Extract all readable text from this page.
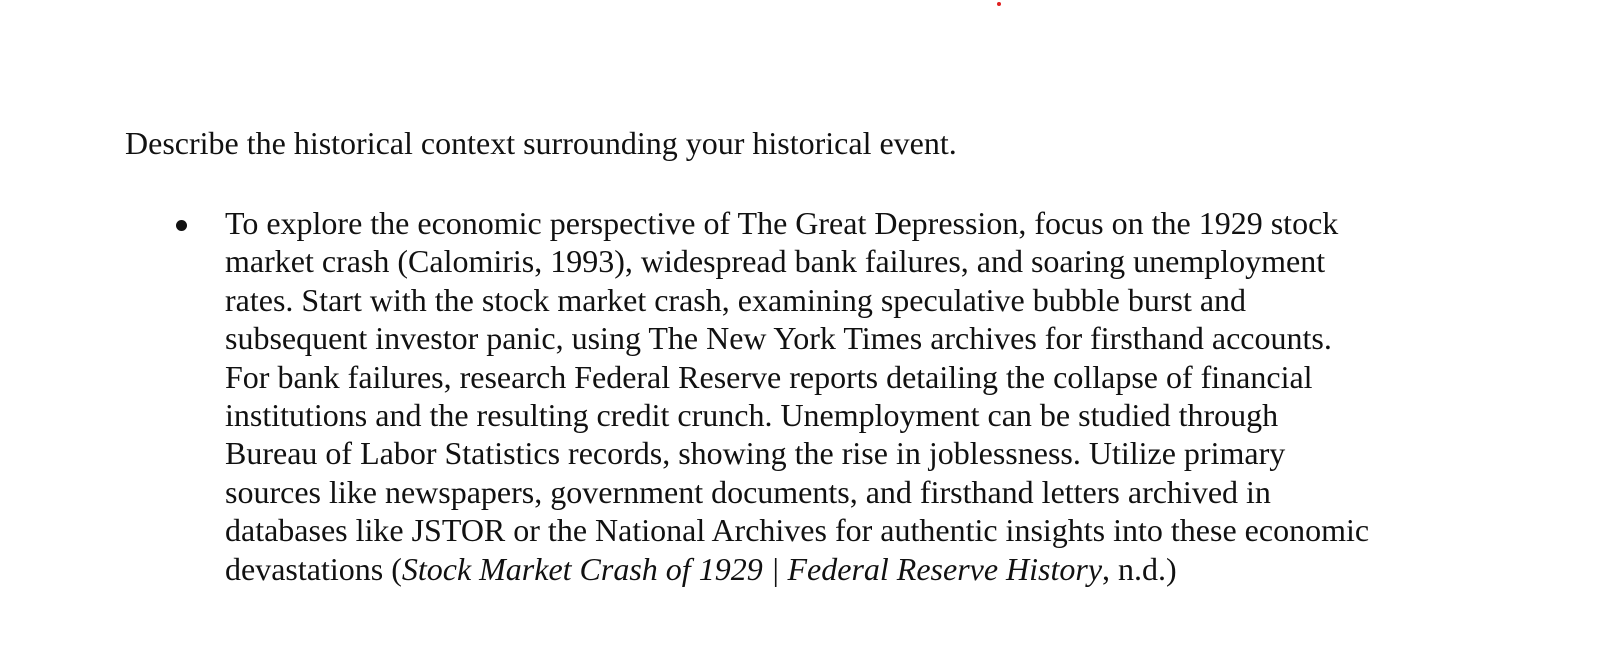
Describe the historical context surrounding your historical event.

To explore the economic perspective of The Great Depression, focus on the 1929 stock
market crash (Calomiris, 1993), widespread bank failures, and soaring unemployment
rates. Start with the stock market crash, examining speculative bubble burst and
subsequent investor panic, using The New York Times archives for firsthand accounts.
For bank failures, research Federal Reserve reports detailing the collapse of financial
institutions and the resulting credit crunch. Unemployment can be studied through
Bureau of Labor Statistics records, showing the rise in joblessness. Utilize primary
sources like newspapers, government documents, and firsthand letters archived in
databases like JSTOR or the National Archives for authentic insights into these economic
devastations (Stock Market Crash of 1929 | Federal Reserve History, n.d.)
